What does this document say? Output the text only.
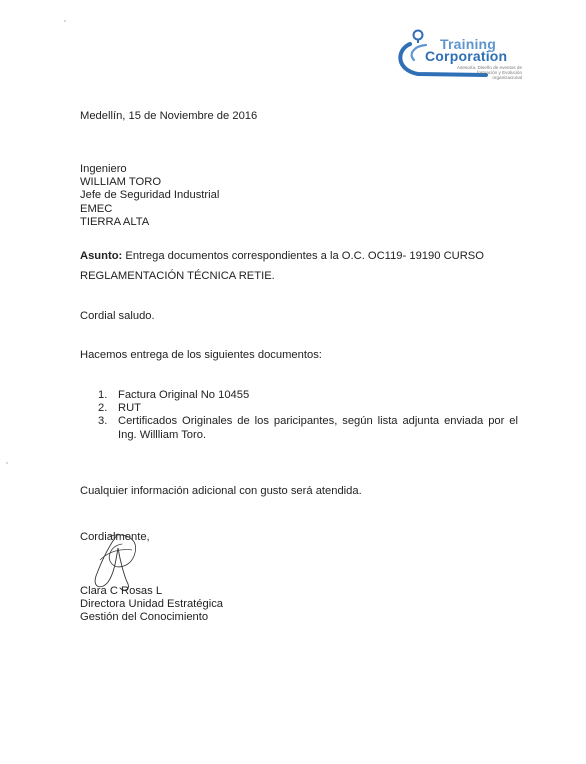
Training
Corporation
Asesoría, Diseño de eventos de formación y Evolución organizacional
Medellín, 15 de Noviembre de 2016
Ingeniero
WILLIAM TORO
Jefe de Seguridad Industrial
EMEC
TIERRA ALTA
Asunto: Entrega documentos correspondientes a la O.C. OC119- 19190 CURSO
REGLAMENTACIÓN TÉCNICA RETIE.
Cordial saludo.
Hacemos entrega de los siguientes documentos:
1. Factura Original No 10455
2. RUT
3. Certificados Originales de los paricipantes, según lista adjunta enviada por el Ing. Willliam Toro.
Cualquier información adicional con gusto será atendida.
Cordialmente,
Clara C Rosas L
Directora Unidad Estratégica
Gestión del Conocimiento
